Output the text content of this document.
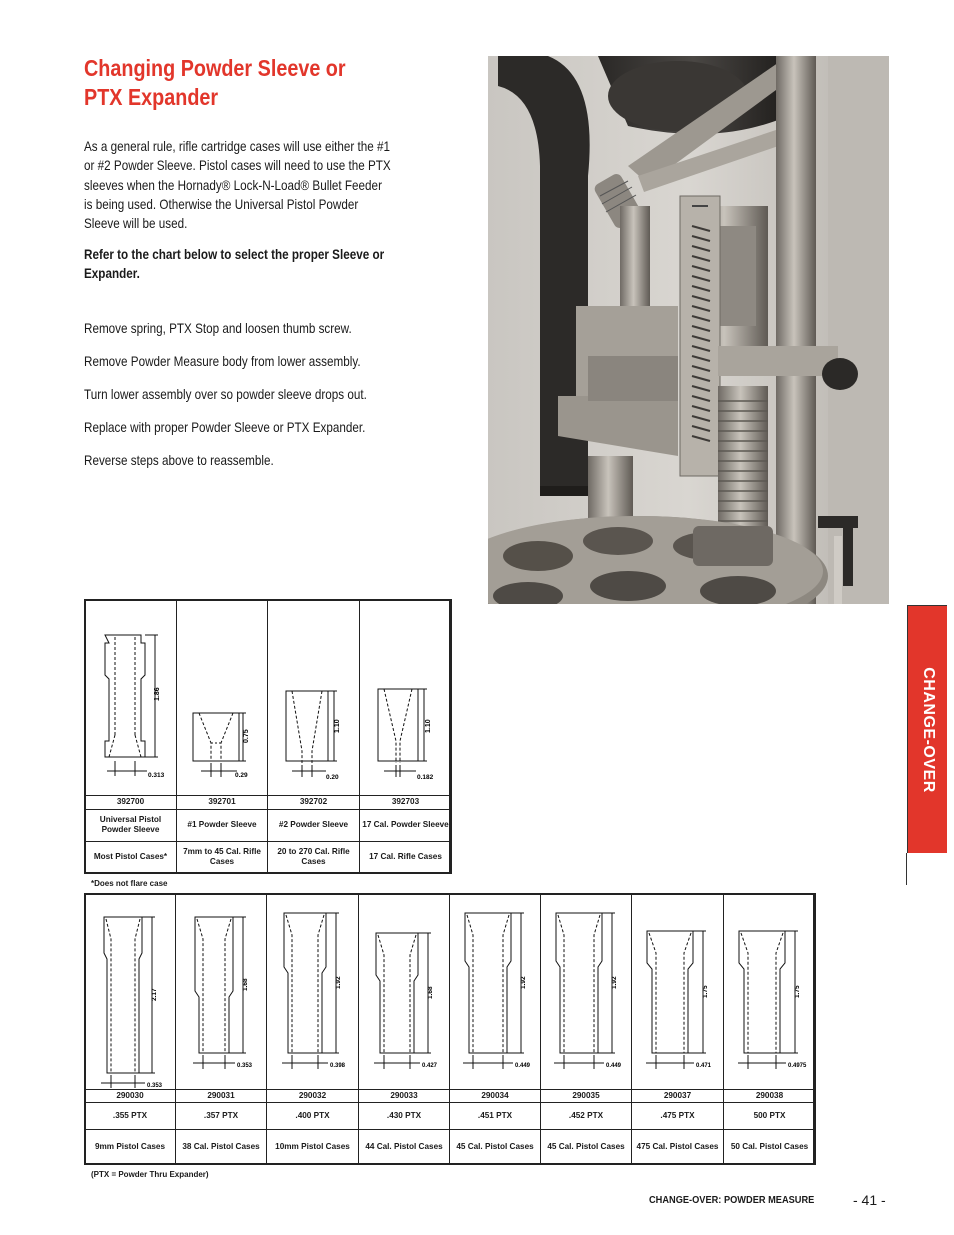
Changing Powder Sleeve or
PTX Expander

As a general rule, rifle cartridge cases will use either the #1 or #2 Powder Sleeve. Pistol cases will need to use the PTX sleeves when the Hornady® Lock-N-Load® Bullet Feeder is being used. Otherwise the Universal Pistol Powder Sleeve will be used.

Refer to the chart below to select the proper Sleeve or Expander.

Remove spring, PTX Stop and loosen thumb screw.

Remove Powder Measure body from lower assembly.

Turn lower assembly over so powder sleeve drops out.

Replace with proper Powder Sleeve or PTX Expander.

Reverse steps above to reassemble.

CHANGE-OVER
1.86
0.313	0.75
0.29	1.10
0.20	1.10
0.182

392700	392701	392702	392703
Universal Pistol Powder Sleeve	#1 Powder Sleeve	#2 Powder Sleeve	17 Cal. Powder Sleeve
Most Pistol Cases*	7mm to 45 Cal. Rifle Cases	20 to 270 Cal. Rifle Cases	17 Cal. Rifle Cases
*Does not flare case
2.17
0.353	1.68
0.353	1.92
0.398	1.68
0.427	1.92
0.449	1.92
0.449	1.75
0.471	1.75
0.4975

290030	290031	290032	290033	290034	290035	290037	290038
.355 PTX	.357 PTX	.400 PTX	.430 PTX	.451 PTX	.452 PTX	.475 PTX	500 PTX
9mm Pistol Cases	38 Cal. Pistol Cases	10mm Pistol Cases	44 Cal. Pistol Cases	45 Cal. Pistol Cases	45 Cal. Pistol Cases	475 Cal. Pistol Cases	50 Cal. Pistol Cases
(PTX = Powder Thru Expander)
CHANGE-OVER: POWDER MEASURE	- 41 -
